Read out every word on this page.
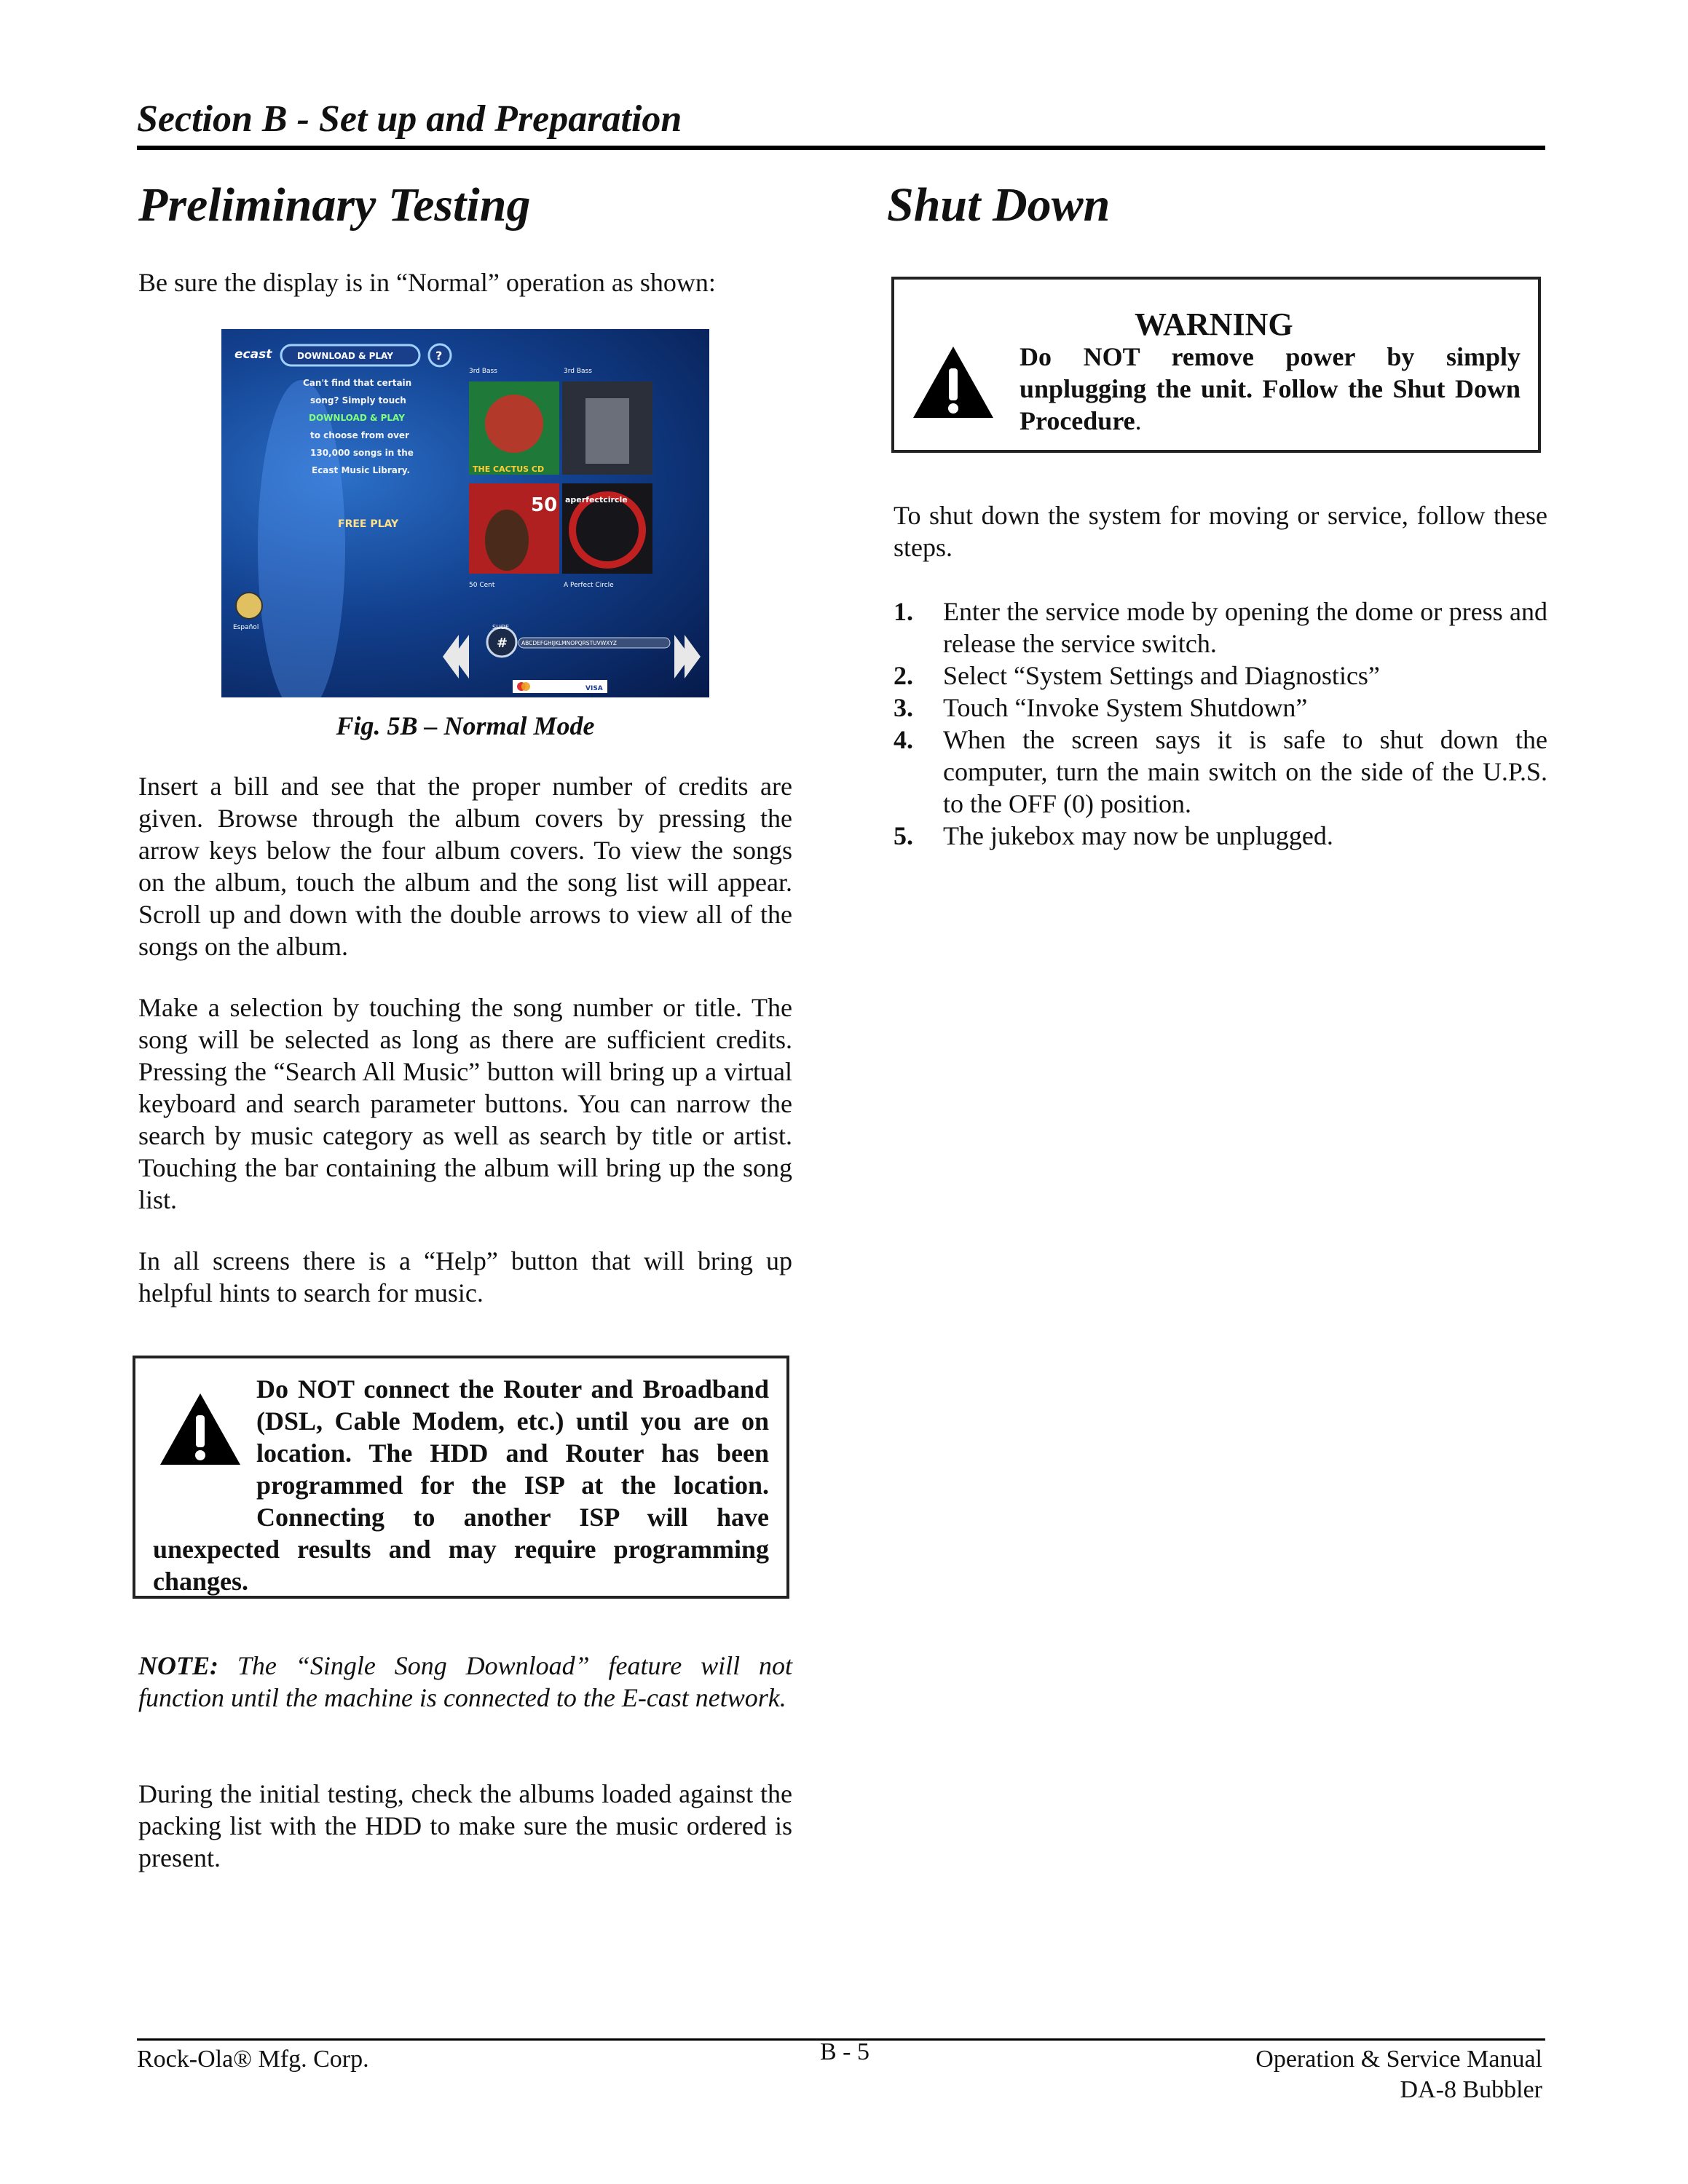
Section B - Set up and Preparation
Preliminary Testing
Be sure the display is in “Normal” operation as shown:
ecast	DOWNLOAD & PLAY	?
Can't find that certain
song? Simply touch
DOWNLOAD & PLAY
to choose from over
130,000 songs in the
Ecast Music Library.
FREE PLAY
Español
3rd Bass	3rd Bass
THE CACTUS CD
50 aperfectcircle
50 Cent	A Perfect Circle
#
SLIDE
ABCDEFGHIJKLMNOPQRSTUVWXYZ
VISA
Fig. 5B – Normal Mode
Insert a bill and see that the proper number of credits are given. Browse through the album covers by pressing the arrow keys below the four album covers. To view the songs on the album, touch the album and the song list will appear. Scroll up and down with the double arrows to view all of the songs on the album.
Make a selection by touching the song number or title. The song will be selected as long as there are sufficient credits. Pressing the “Search All Music” button will bring up a virtual keyboard and search parameter buttons. You can narrow the search by music category as well as search by title or artist. Touching the bar containing the album will bring up the song list.
In all screens there is a “Help” button that will bring up helpful hints to search for music.
Do NOT connect the Router and Broadband (DSL, Cable Modem, etc.) until you are on location. The HDD and Router has been programmed for the ISP at the location. Connecting to another ISP will have unexpected results and may require programming changes.
NOTE: The “Single Song Download” feature will not function until the machine is connected to the E-cast network.
During the initial testing, check the albums loaded against the packing list with the HDD to make sure the music ordered is present.
Shut Down
WARNING
Do NOT remove power by simply unplugging the unit. Follow the Shut Down Procedure.
To shut down the system for moving or service, follow these steps.
1. Enter the service mode by opening the dome or press and release the service switch.
2. Select “System Settings and Diagnostics”
3. Touch “Invoke System Shutdown”
4. When the screen says it is safe to shut down the computer, turn the main switch on the side of the U.P.S. to the OFF (0) position.
5. The jukebox may now be unplugged.
Rock-Ola® Mfg. Corp.	B - 5	Operation & Service Manual
DA-8 Bubbler
